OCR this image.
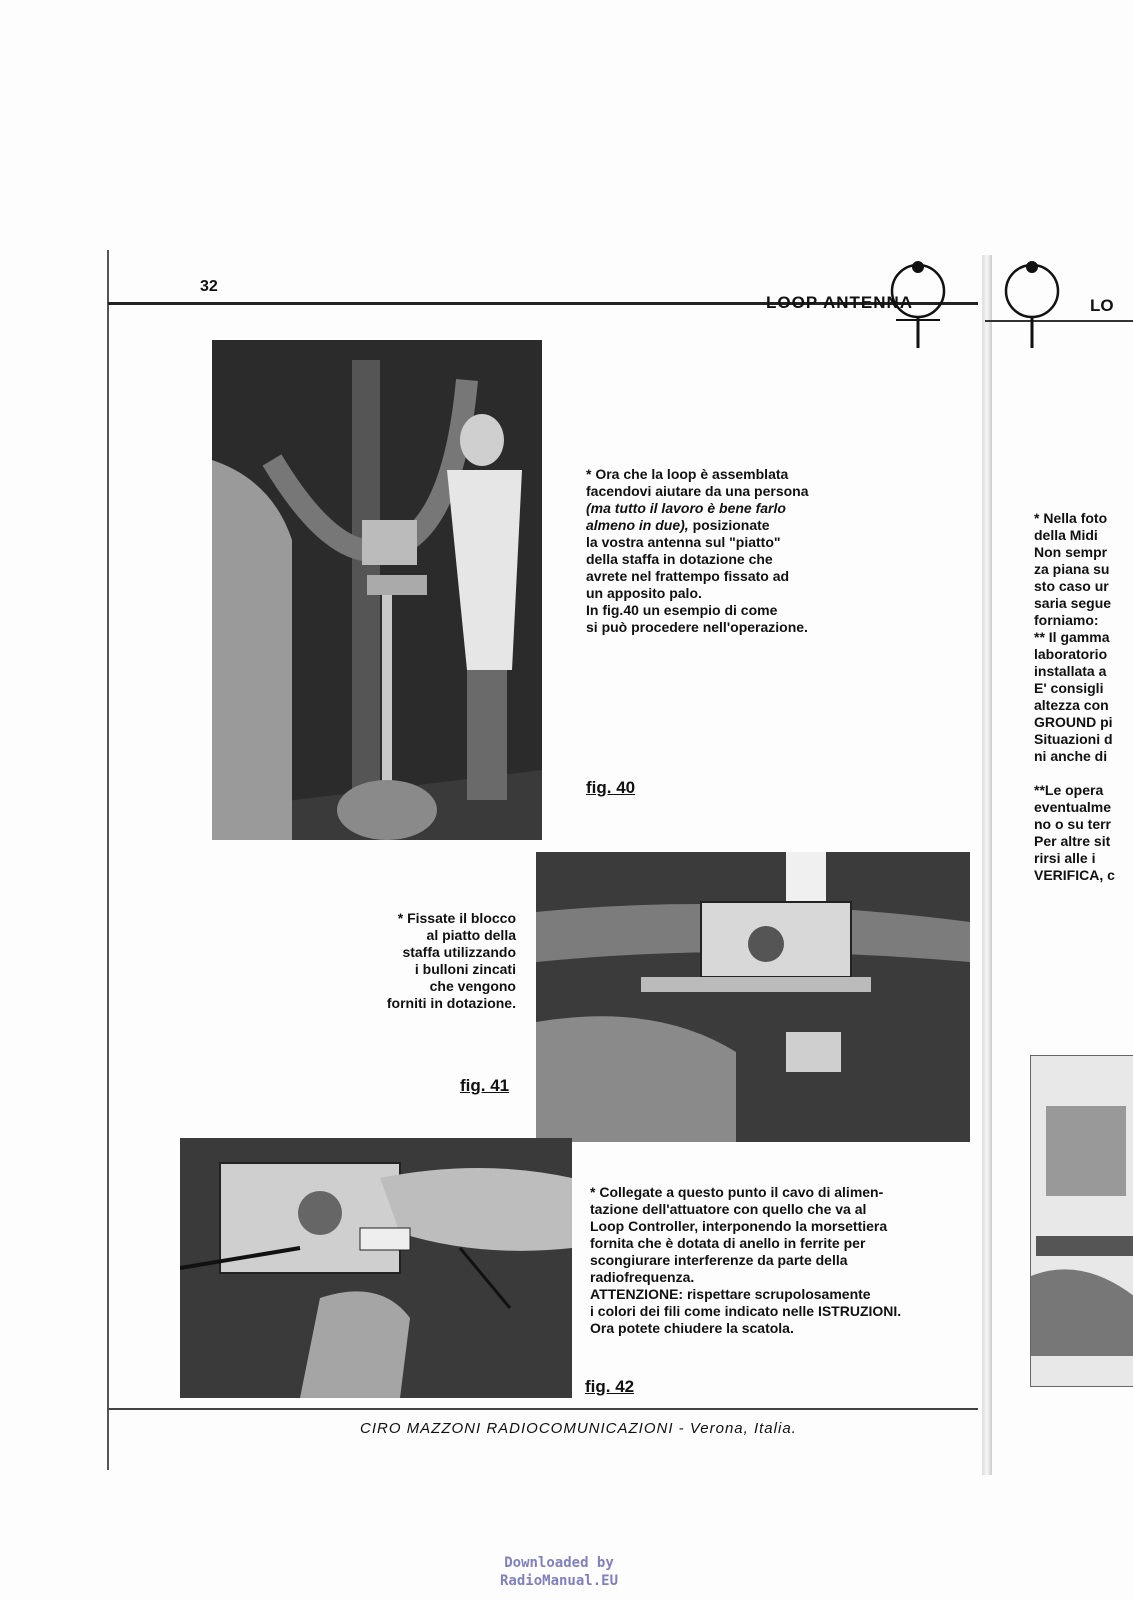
32
LOOP ANTENNA	LO
* Ora che la loop è assemblata
facendovi aiutare da una persona
(ma tutto il lavoro è bene farlo
almeno in due), posizionate
la vostra antenna sul "piatto"
della staffa in dotazione che
avrete nel frattempo fissato ad
un apposito palo.
In fig.40 un esempio di come
si può procedere nell'operazione.
fig. 40
* Fissate il blocco
al piatto della
staffa utilizzando
i bulloni zincati
che vengono
forniti in dotazione.
fig. 41
* Collegate a questo punto il cavo di alimen-
tazione dell'attuatore con quello che va al
Loop Controller, interponendo la morsettiera
fornita che è dotata di anello in ferrite per
scongiurare interferenze da parte della
radiofrequenza.
ATTENZIONE: rispettare scrupolosamente
i colori dei fili come indicato nelle ISTRUZIONI.
Ora potete chiudere la scatola.
fig. 42
* Nella foto
della Midi
Non sempr
za piana su
sto caso ur
saria segue
forniamo:
** Il gamma
laboratorio
installata a
E' consigli
altezza con
GROUND pi
Situazioni d
ni anche di
**Le opera
eventualme
no o su terr
Per altre sit
rirsi alle i
VERIFICA, c
CIRO MAZZONI RADIOCOMUNICAZIONI - Verona, Italia.
Downloaded by
RadioManual.EU
